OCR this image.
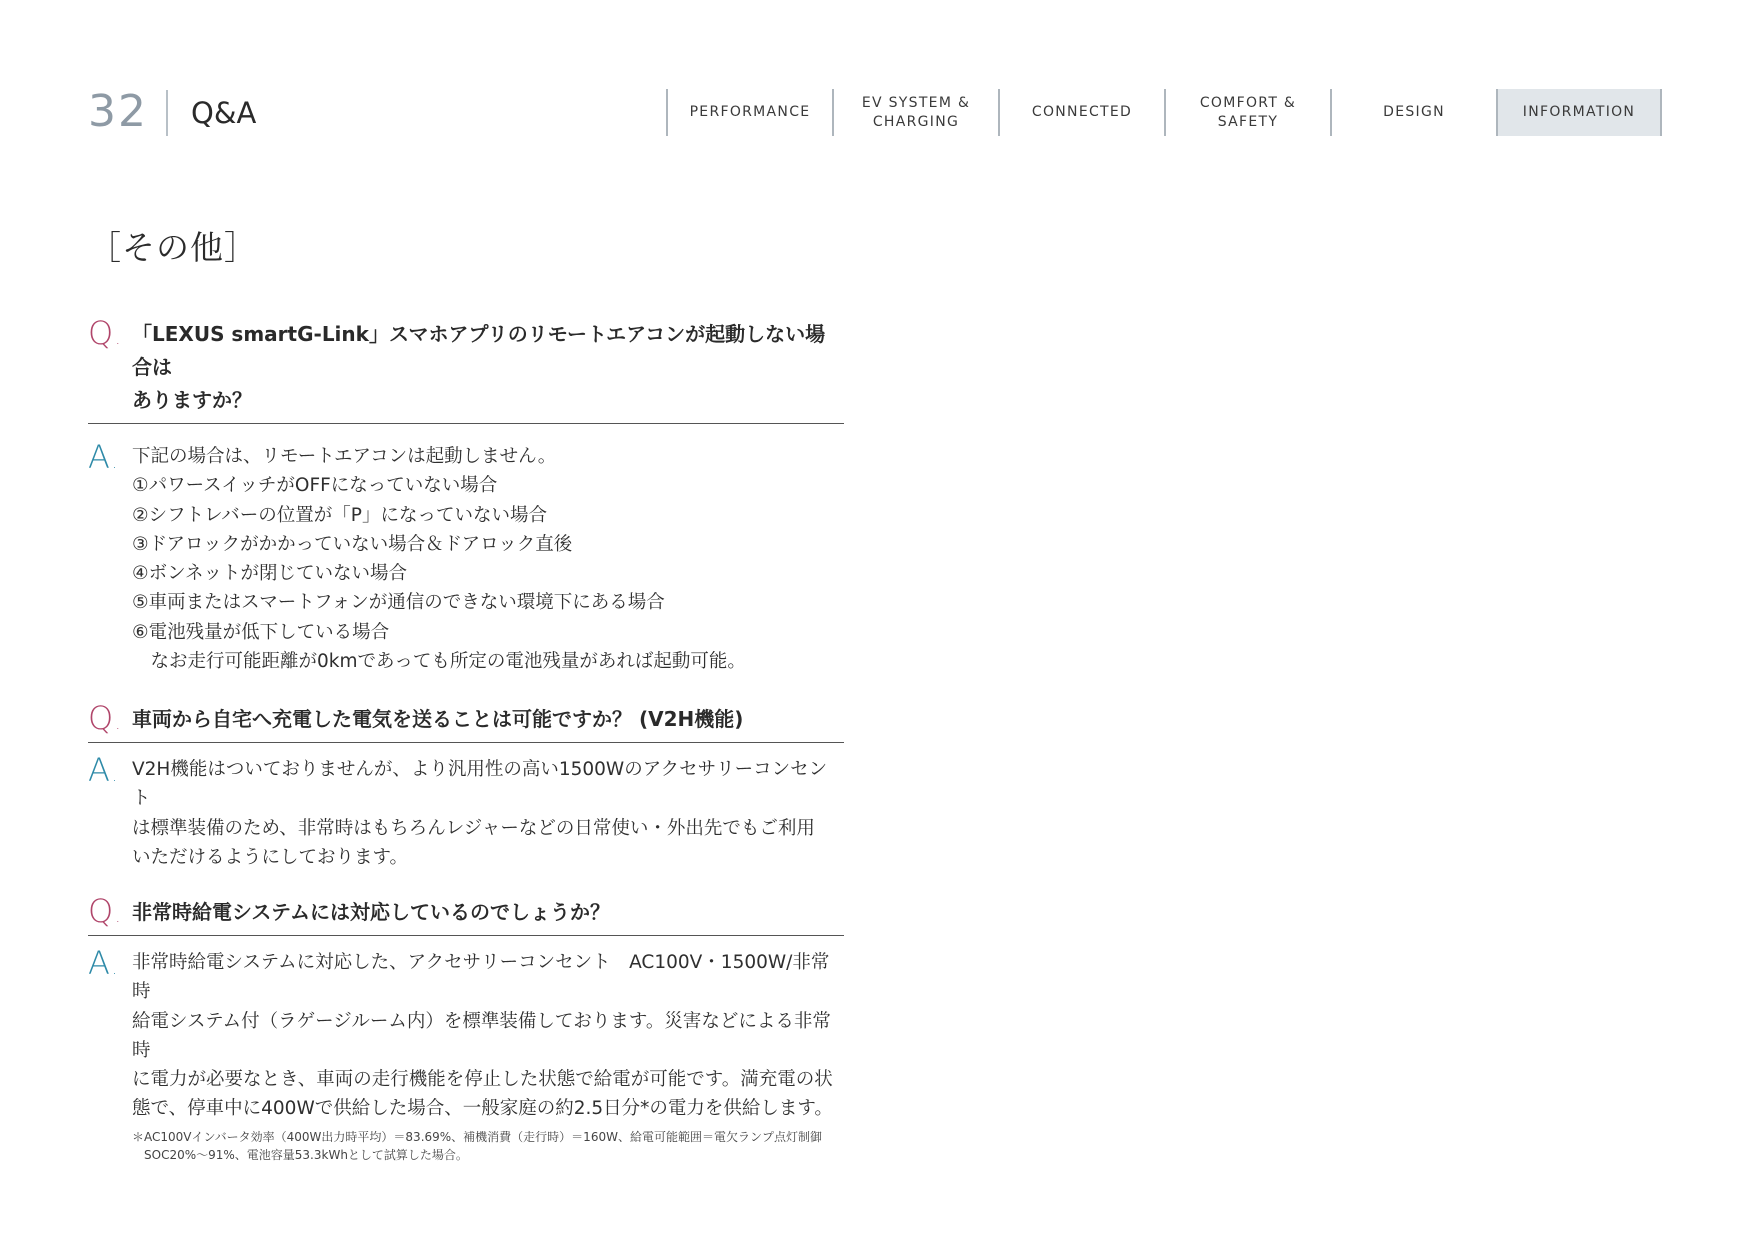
32 Q&A	PERFORMANCE
EV SYSTEM &
CHARGING
CONNECTED
COMFORT &
SAFETY
DESIGN	INFORMATION
［その他］
Q . 「LEXUS smartG-Link」スマホアプリのリモートエアコンが起動しない場合は
ありますか？
A . 下記の場合は、リモートエアコンは起動しません。
①パワースイッチがOFFになっていない場合
②シフトレバーの位置が「P」になっていない場合
③ドアロックがかかっていない場合＆ドアロック直後
④ボンネットが閉じていない場合
⑤車両またはスマートフォンが通信のできない環境下にある場合
⑥電池残量が低下している場合
　なお走行可能距離が0kmであっても所定の電池残量があれば起動可能。
Q . 車両から自宅へ充電した電気を送ることは可能ですか？ (V2H機能)
A . V2H機能はついておりませんが、より汎用性の高い1500Wのアクセサリーコンセント
は標準装備のため、非常時はもちろんレジャーなどの日常使い・外出先でもご利用
いただけるようにしております。
Q . 非常時給電システムには対応しているのでしょうか？
A . 非常時給電システムに対応した、アクセサリーコンセント　AC100V・1500W/非常時
給電システム付（ラゲージルーム内）を標準装備しております。災害などによる非常時
に電力が必要なとき、車両の走行機能を停止した状態で給電が可能です。満充電の状
態で、停車中に400Wで供給した場合、一般家庭の約2.5日分*の電力を供給します。
＊AC100Vインバータ効率（400W出力時平均）＝83.69%、補機消費（走行時）＝160W、給電可能範囲＝電欠ランプ点灯制御
　SOC20%〜91%、電池容量53.3kWhとして試算した場合。
